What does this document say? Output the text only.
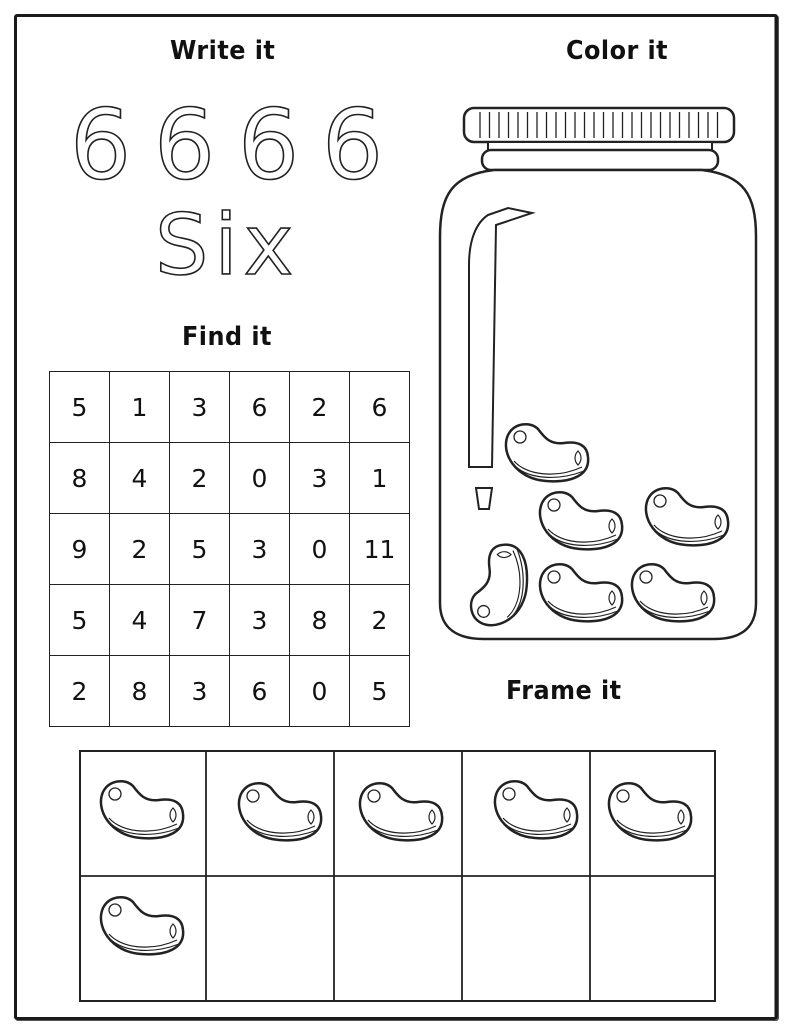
Write it	Color it
Find it
Frame it
6 6 6 6
Six
5	1	3	6	2	6
8	4	2	0	3	1
9	2	5	3	0	11
5	4	7	3	8	2
2	8	3	6	0	5
